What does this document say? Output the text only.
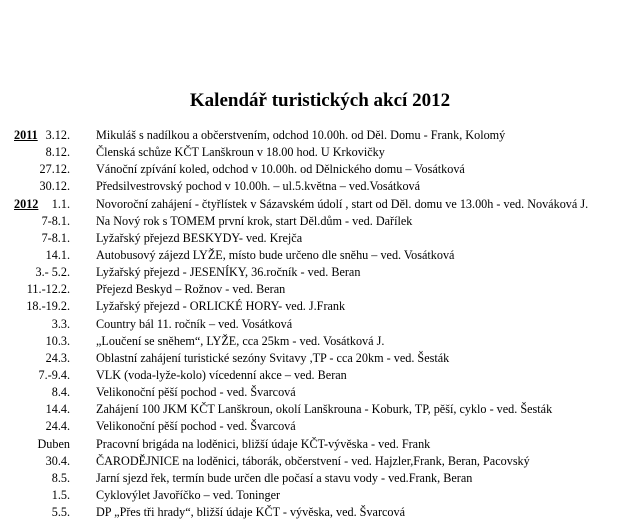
Kalendář turistických akcí 2012
2011 3.12. Mikuláš s nadílkou a občerstvením, odchod 10.00h. od Děl. Domu - Frank, Kolomý
8.12. Členská schůze KČT Lanškroun v 18.00 hod. U Krkovičky
27.12. Vánoční zpívání koled, odchod v 10.00h. od Dělnického domu – Vosátková
30.12. Předsilvestrovský pochod v 10.00h. – ul.5.května – ved.Vosátková
2012 1.1. Novoroční zahájení - čtyřlístek v Sázavském údolí , start od Děl. domu ve 13.00h - ved. Nováková J.
7-8.1. Na Nový rok s TOMEM první krok, start Děl.dům - ved. Dařílek
7-8.1. Lyžařský přejezd BESKYDY- ved. Krejča
14.1. Autobusový zájezd LYŽE, místo bude určeno dle sněhu – ved. Vosátková
3.- 5.2. Lyžařský přejezd - JESENÍKY, 36.ročník - ved. Beran
11.-12.2. Přejezd Beskyd – Rožnov - ved. Beran
18.-19.2. Lyžařský přejezd - ORLICKÉ HORY- ved. J.Frank
3.3. Country bál 11. ročník – ved. Vosátková
10.3. „Loučení se sněhem“, LYŽE, cca 25km - ved. Vosátková J.
24.3. Oblastní zahájení turistické sezóny Svitavy ,TP - cca 20km - ved. Šesták
7.-9.4. VLK (voda-lyže-kolo) vícedenní akce – ved. Beran
8.4. Velikonoční pěší pochod - ved. Švarcová
14.4. Zahájení 100 JKM KČT Lanškroun, okolí Lanškrouna - Koburk, TP, pěší, cyklo - ved. Šesták
24.4. Velikonoční pěší pochod - ved. Švarcová
Duben Pracovní brigáda na loděnici, bližší údaje KČT-vývěska - ved. Frank
30.4. ČARODĚJNICE na loděnici, táborák, občerstvení - ved. Hajzler,Frank, Beran, Pacovský
8.5. Jarní sjezd řek, termín bude určen dle počasí a stavu vody - ved.Frank, Beran
1.5. Cyklovýlet Javoříčko – ved. Toninger
5.5. DP „Přes tři hrady“, bližší údaje KČT - vývěska, ved. Švarcová
